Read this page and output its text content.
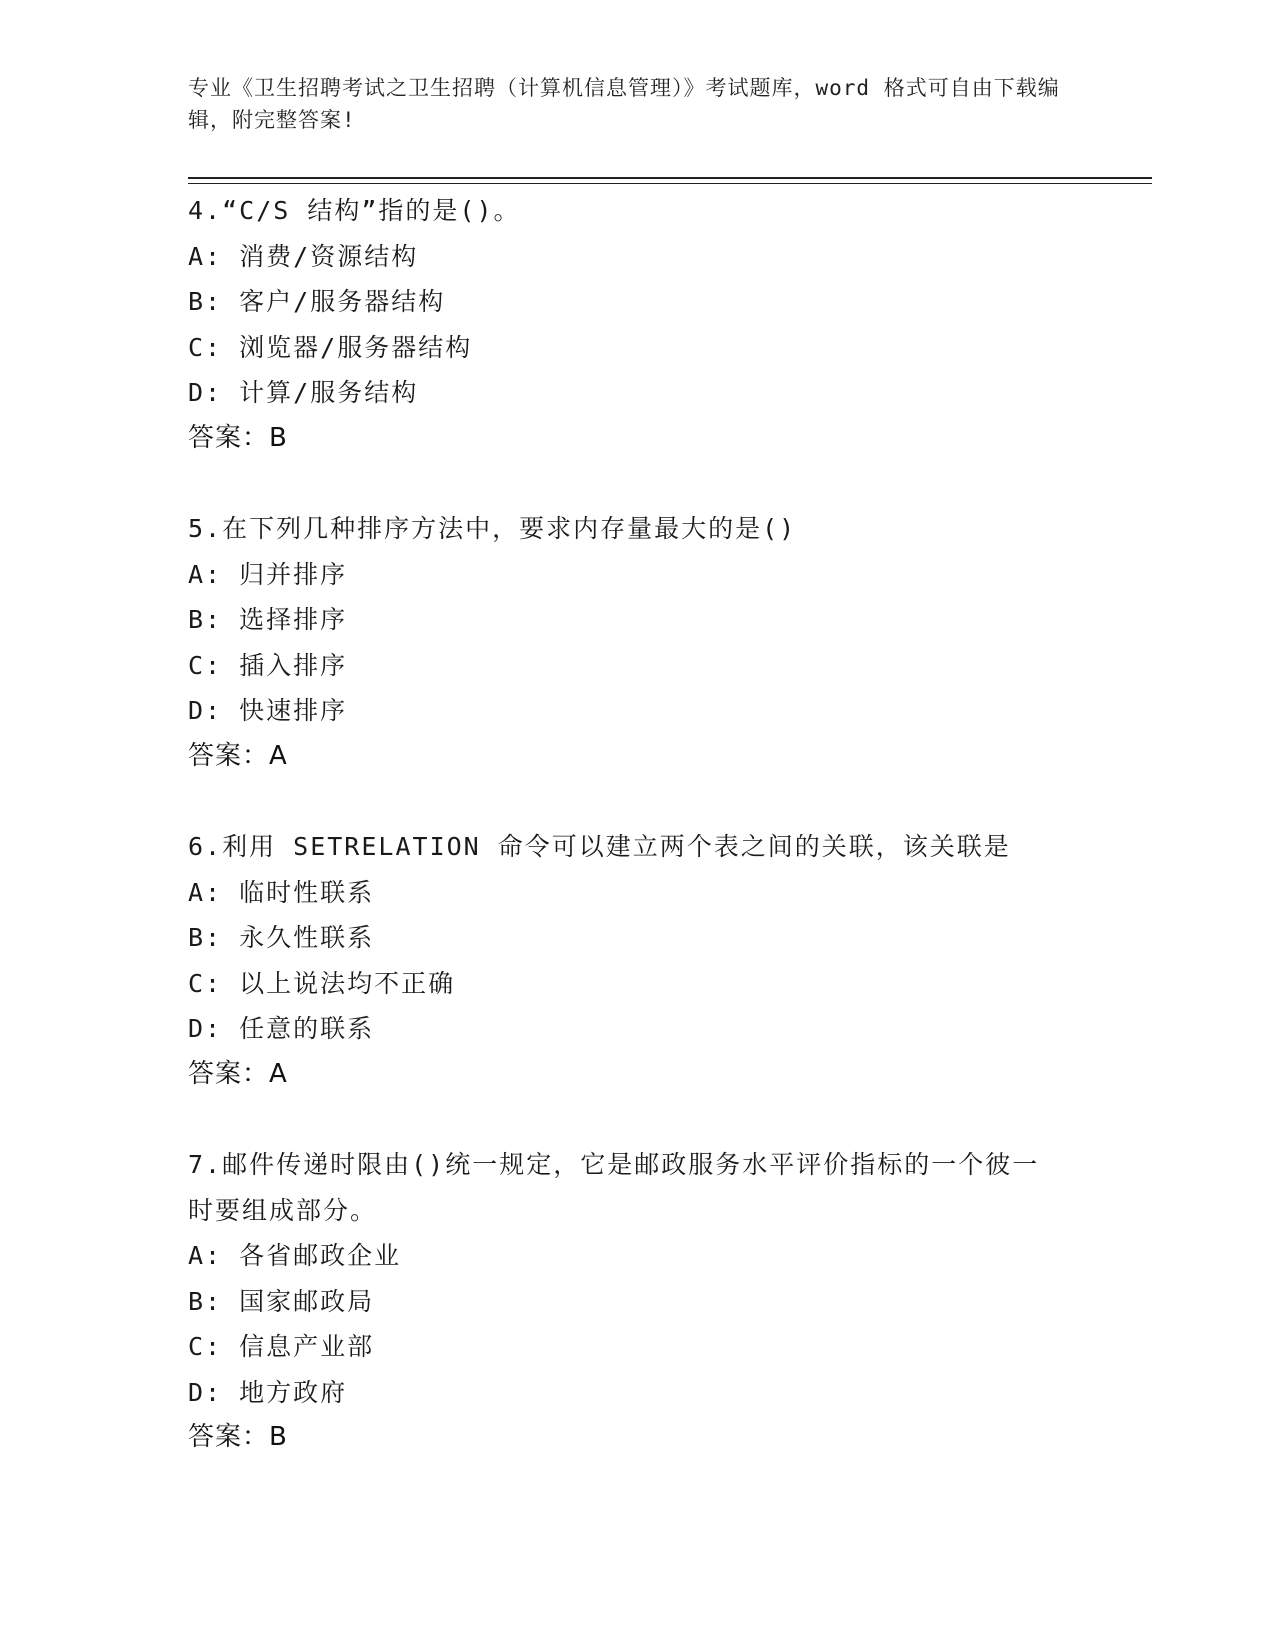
专业《卫生招聘考试之卫生招聘（计算机信息管理）》考试题库，word 格式可自由下载编辑，附完整答案!
4.“C/S 结构”指的是()。
A: 消费/资源结构
B: 客户/服务器结构
C: 浏览器/服务器结构
D: 计算/服务结构
答案：B
5.在下列几种排序方法中，要求内存量最大的是()
A: 归并排序
B: 选择排序
C: 插入排序
D: 快速排序
答案：A
6.利用 SETRELATION 命令可以建立两个表之间的关联，该关联是
A: 临时性联系
B: 永久性联系
C: 以上说法均不正确
D: 任意的联系
答案：A
7.邮件传递时限由()统一规定，它是邮政服务水平评价指标的一个彼一时要组成部分。
A: 各省邮政企业
B: 国家邮政局
C: 信息产业部
D: 地方政府
答案：B
